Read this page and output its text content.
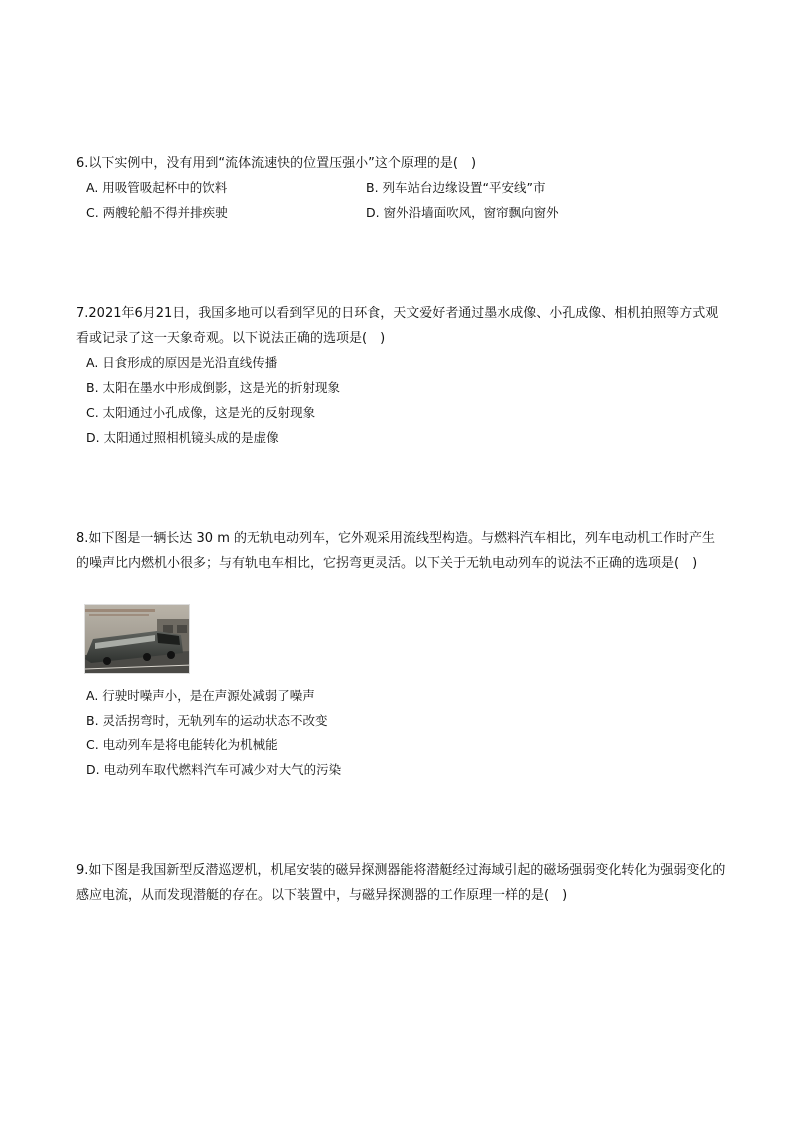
6.以下实例中，没有用到“流体流速快的位置压强小”这个原理的是(　)

A. 用吸管吸起杯中的饮料	B. 列车站台边缘设置“平安线”市
C. 两艘轮船不得并排疾驶	D. 窗外沿墙面吹风，窗帘飘向窗外

7.2021年6月21日，我国多地可以看到罕见的日环食，天文爱好者通过墨水成像、小孔成像、相机拍照等方式观看或记录了这一天象奇观。以下说法正确的选项是(　)

A. 日食形成的原因是光沿直线传播
B. 太阳在墨水中形成倒影，这是光的折射现象
C. 太阳通过小孔成像，这是光的反射现象
D. 太阳通过照相机镜头成的是虚像

8.如下图是一辆长达 30 m 的无轨电动列车，它外观采用流线型构造。与燃料汽车相比，列车电动机工作时产生的噪声比内燃机小很多；与有轨电车相比，它拐弯更灵活。以下关于无轨电动列车的说法不正确的选项是(　)

A. 行驶时噪声小，是在声源处减弱了噪声
B. 灵活拐弯时，无轨列车的运动状态不改变
C. 电动列车是将电能转化为机械能
D. 电动列车取代燃料汽车可减少对大气的污染

9.如下图是我国新型反潜巡逻机，机尾安装的磁异探测器能将潜艇经过海域引起的磁场强弱变化转化为强弱变化的感应电流，从而发现潜艇的存在。以下装置中，与磁异探测器的工作原理一样的是(　)
